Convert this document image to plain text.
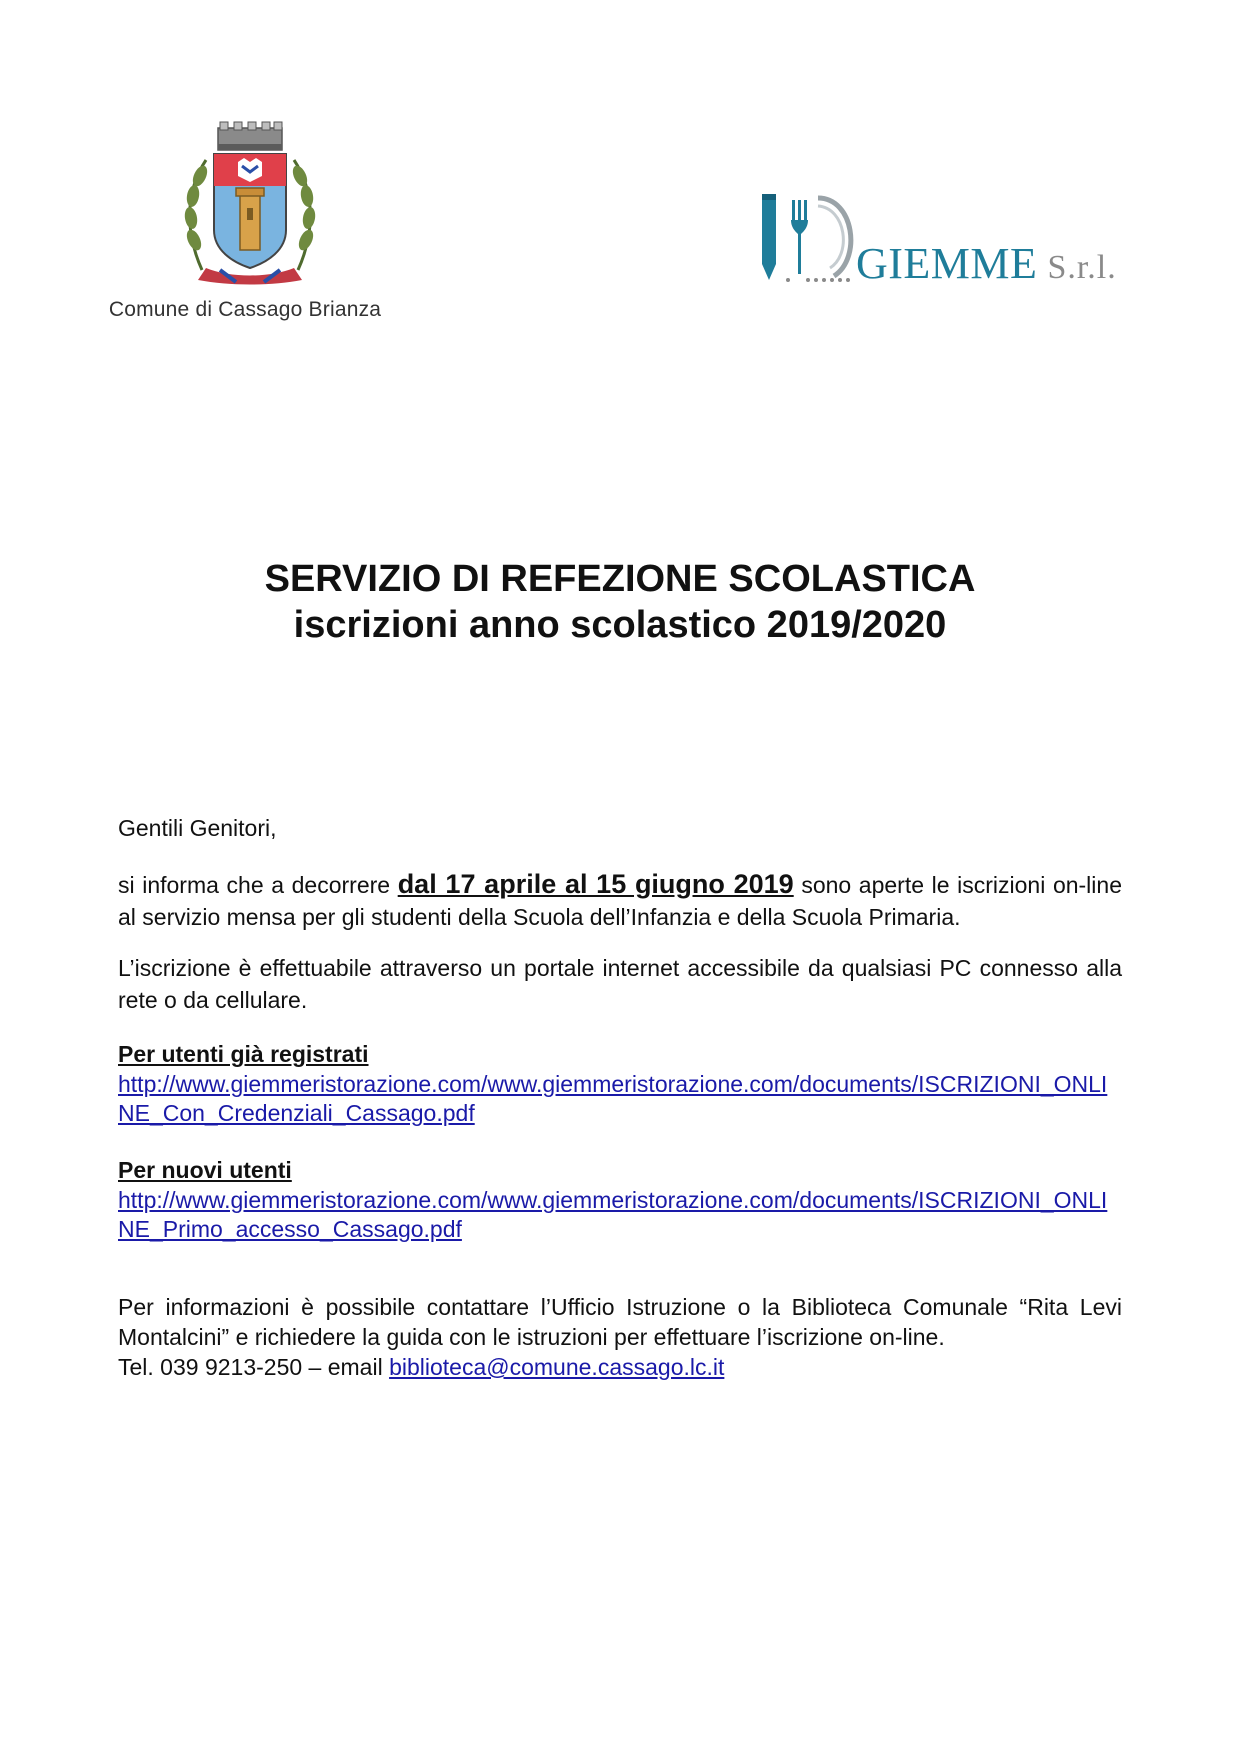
Comune di Cassago Brianza
GIEMME S.r.l.
SERVIZIO DI REFEZIONE SCOLASTICA
iscrizioni anno scolastico 2019/2020
Gentili Genitori,
si informa che a decorrere dal 17 aprile al 15 giugno 2019 sono aperte le iscrizioni on-line al servizio mensa per gli studenti della Scuola dell’Infanzia e della Scuola Primaria.
L’iscrizione è effettuabile attraverso un portale internet accessibile da qualsiasi PC connesso alla rete o da cellulare.
Per utenti già registrati
http://www.giemmeristorazione.com/www.giemmeristorazione.com/documents/ISCRIZIONI_ONLINE_Con_Credenziali_Cassago.pdf
Per nuovi utenti
http://www.giemmeristorazione.com/www.giemmeristorazione.com/documents/ISCRIZIONI_ONLINE_Primo_accesso_Cassago.pdf
Per informazioni è possibile contattare l’Ufficio Istruzione o la Biblioteca Comunale “Rita Levi Montalcini” e richiedere la guida con le istruzioni per effettuare l’iscrizione on-line.
Tel. 039 9213-250 – email biblioteca@comune.cassago.lc.it
